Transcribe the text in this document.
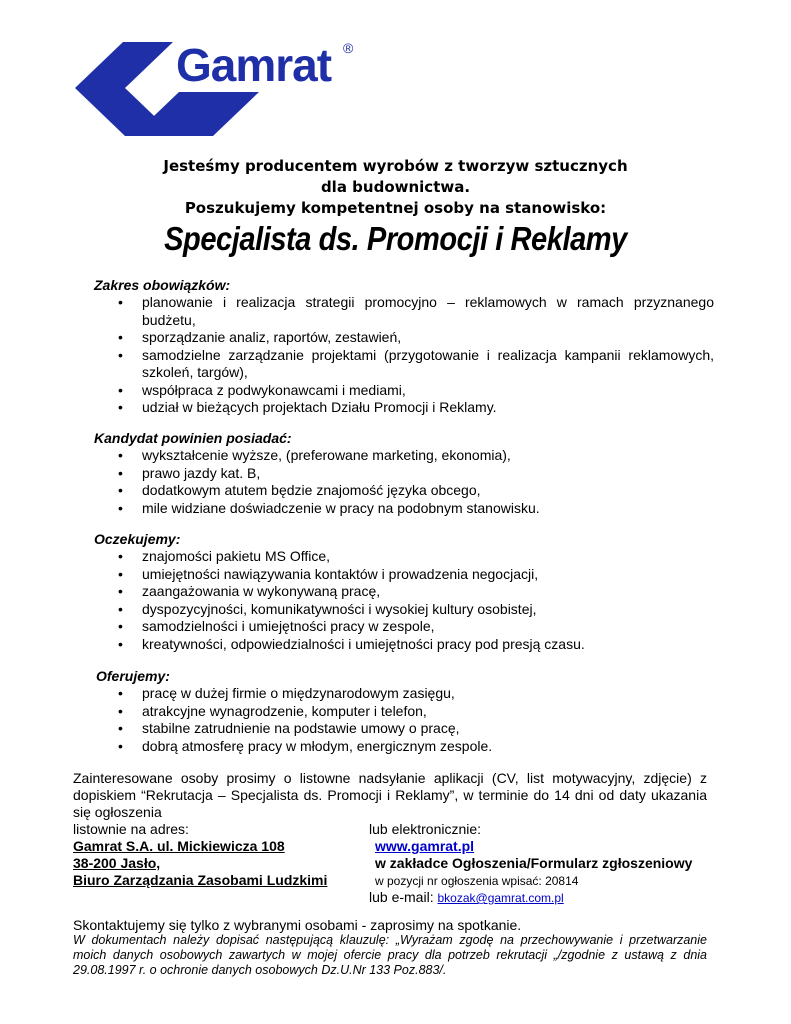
Gamrat ®
Jesteśmy producentem wyrobów z tworzyw sztucznych
dla budownictwa.
Poszukujemy kompetentnej osoby na stanowisko:
Specjalista ds. Promocji i Reklamy
Zakres obowiązków:
• planowanie i realizacja strategii promocyjno – reklamowych w ramach przyznanego budżetu,
• sporządzanie analiz, raportów, zestawień,
• samodzielne zarządzanie projektami (przygotowanie i realizacja kampanii reklamowych, szkoleń, targów),
• współpraca z podwykonawcami i mediami,
• udział w bieżących projektach Działu Promocji i Reklamy.
Kandydat powinien posiadać:
• wykształcenie wyższe, (preferowane marketing, ekonomia),
• prawo jazdy kat. B,
• dodatkowym atutem będzie znajomość języka obcego,
• mile widziane doświadczenie w pracy na podobnym stanowisku.
Oczekujemy:
• znajomości pakietu MS Office,
• umiejętności nawiązywania kontaktów i prowadzenia negocjacji,
• zaangażowania w wykonywaną pracę,
• dyspozycyjności, komunikatywności i wysokiej kultury osobistej,
• samodzielności i umiejętności pracy w zespole,
• kreatywności, odpowiedzialności i umiejętności pracy pod presją czasu.
Oferujemy:
• pracę w dużej firmie o międzynarodowym zasięgu,
• atrakcyjne wynagrodzenie, komputer i telefon,
• stabilne zatrudnienie na podstawie umowy o pracę,
• dobrą atmosferę pracy w młodym, energicznym zespole.
Zainteresowane osoby prosimy o listowne nadsyłanie aplikacji (CV, list motywacyjny, zdjęcie) z dopiskiem “Rekrutacja – Specjalista ds. Promocji i Reklamy”, w terminie do 14 dni od daty ukazania się ogłoszenia
listownie na adres:
Gamrat S.A. ul. Mickiewicza 108
38-200 Jasło,
Biuro Zarządzania Zasobami Ludzkimi
lub elektronicznie:
www.gamrat.pl
w zakładce Ogłoszenia/Formularz zgłoszeniowy
w pozycji nr ogłoszenia wpisać: 20814
lub e-mail: bkozak@gamrat.com.pl
Skontaktujemy się tylko z wybranymi osobami - zaprosimy na spotkanie.
W dokumentach należy dopisać następującą klauzulę: „Wyrażam zgodę na przechowywanie i przetwarzanie moich danych osobowych zawartych w mojej ofercie pracy dla potrzeb rekrutacji „/zgodnie z ustawą z dnia 29.08.1997 r. o ochronie danych osobowych Dz.U.Nr 133 Poz.883/.
